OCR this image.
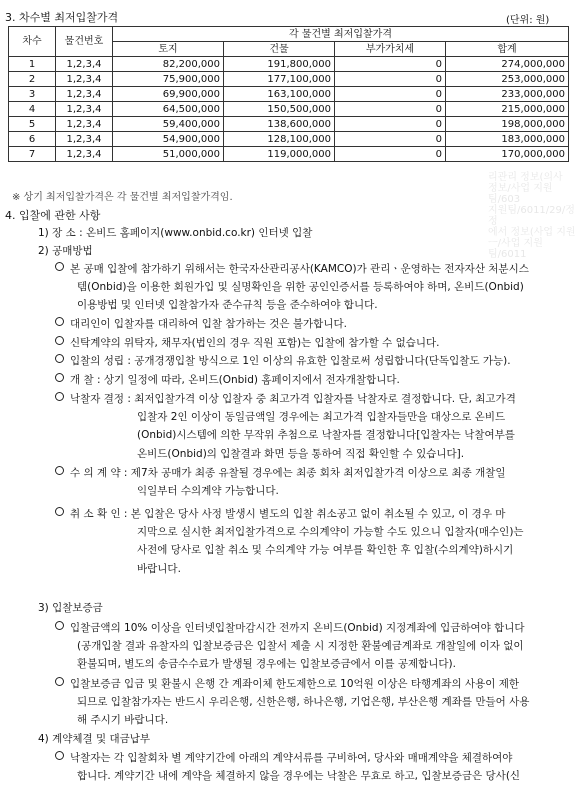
3. 차수별 최저입찰가격	(단위: 원)
차수	물건번호	각 물건별 최저입찰가격			
		토지	건물	부가가치세	합계
1	1,2,3,4	82,200,000	191,800,000	0	274,000,000
2	1,2,3,4	75,900,000	177,100,000	0	253,000,000
3	1,2,3,4	69,900,000	163,100,000	0	233,000,000
4	1,2,3,4	64,500,000	150,500,000	0	215,000,000
5	1,2,3,4	59,400,000	138,600,000	0	198,000,000
6	1,2,3,4	54,900,000	128,100,000	0	183,000,000
7	1,2,3,4	51,000,000	119,000,000	0	170,000,000
리관리 정보(의사
정보/사업 지원팀/603
지원팀/6011/29/정정
에서 정보(사업 지원
ㅡ/사업 지원팀/6011
※ 상기 최저입찰가격은 각 물건별 최저입찰가격임.
4. 입찰에 관한 사항
1) 장 소 : 온비드 홈페이지(www.onbid.co.kr) 인터넷 입찰
2) 공매방법
본 공매 입찰에 참가하기 위해서는 한국자산관리공사(KAMCO)가 관리ㆍ운영하는 전자자산 처분시스
템(Onbid)을 이용한 회원가입 및 실명확인을 위한 공인인증서를 등록하여야 하며, 온비드(Onbid)
이용방법 및 인터넷 입찰참가자 준수규칙 등을 준수하여야 합니다.
대리인이 입찰자를 대리하여 입찰 참가하는 것은 불가합니다.
신탁계약의 위탁자, 채무자(법인의 경우 직원 포함)는 입찰에 참가할 수 없습니다.
입찰의 성립 : 공개경쟁입찰 방식으로 1인 이상의 유효한 입찰로써 성립합니다(단독입찰도 가능).
개 찰 : 상기 일정에 따라, 온비드(Onbid) 홈페이지에서 전자개찰합니다.
낙찰자 결정 : 최저입찰가격 이상 입찰자 중 최고가격 입찰자를 낙찰자로 결정합니다. 단, 최고가격
입찰자 2인 이상이 동일금액일 경우에는 최고가격 입찰자들만을 대상으로 온비드
(Onbid)시스템에 의한 무작위 추첨으로 낙찰자를 결정합니다[입찰자는 낙찰여부를
온비드(Onbid)의 입찰결과 화면 등을 통하여 직접 확인할 수 있습니다].
수 의 계 약 : 제7차 공매가 최종 유찰될 경우에는 최종 회차 최저입찰가격 이상으로 최종 개찰일
익일부터 수의계약 가능합니다.
취 소 확 인 : 본 입찰은 당사 사정 발생시 별도의 입찰 취소공고 없이 취소될 수 있고, 이 경우 마
지막으로 실시한 최저입찰가격으로 수의계약이 가능할 수도 있으니 입찰자(매수인)는
사전에 당사로 입찰 취소 및 수의계약 가능 여부를 확인한 후 입찰(수의계약)하시기
바랍니다.
3) 입찰보증금
입찰금액의 10% 이상을 인터넷입찰마감시간 전까지 온비드(Onbid) 지정계좌에 입금하여야 합니다
(공개입찰 결과 유찰자의 입찰보증금은 입찰서 제출 시 지정한 환불예금계좌로 개찰일에 이자 없이
환불되며, 별도의 송금수수료가 발생될 경우에는 입찰보증금에서 이를 공제합니다).
입찰보증금 입금 및 환불시 은행 간 계좌이체 한도제한으로 10억원 이상은 타행계좌의 사용이 제한
되므로 입찰참가자는 반드시 우리은행, 신한은행, 하나은행, 기업은행, 부산은행 계좌를 만들어 사용
해 주시기 바랍니다.
4) 계약체결 및 대금납부
낙찰자는 각 입찰회차 별 계약기간에 아래의 계약서류를 구비하여, 당사와 매매계약을 체결하여야
합니다. 계약기간 내에 계약을 체결하지 않을 경우에는 낙찰은 무효로 하고, 입찰보증금은 당사(신
